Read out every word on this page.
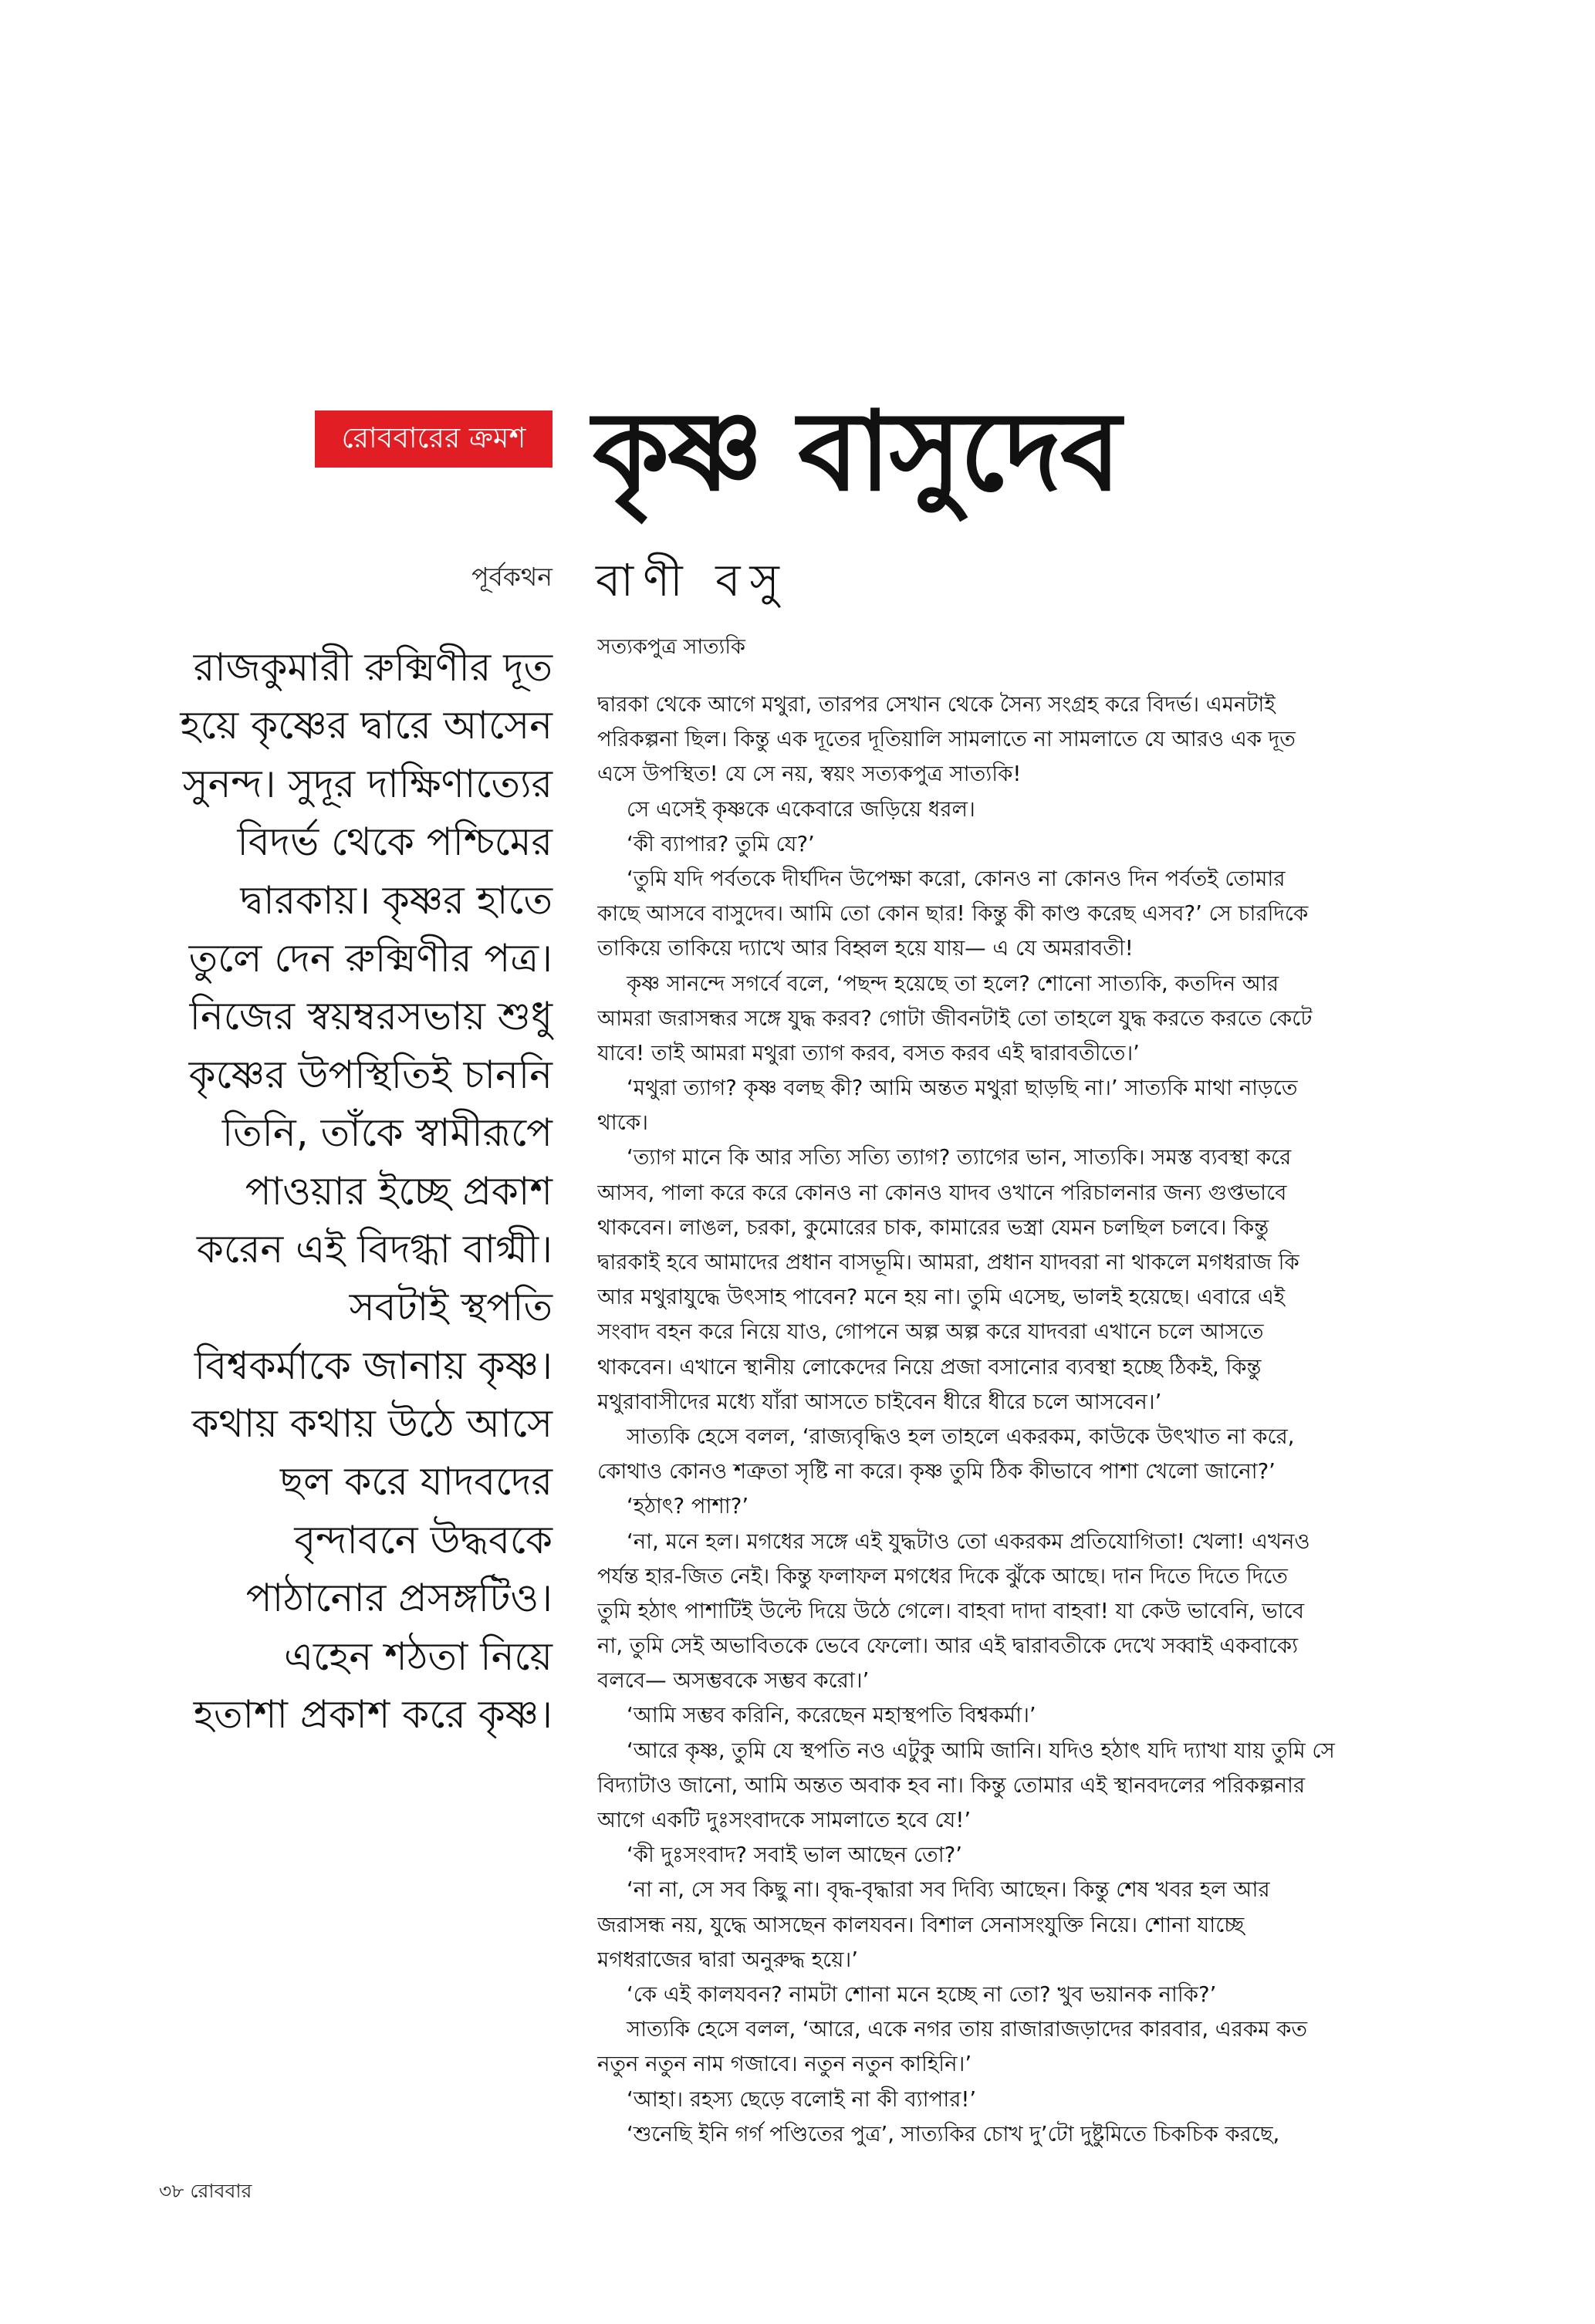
রোববারের ক্রমশ কৃষ্ণ বাসুদেব
পূর্বকথন বাণী বসু

রাজকুমারী রুক্মিণীর দূত
হয়ে কৃষ্ণের দ্বারে আসেন
সুনন্দ। সুদূর দাক্ষিণাত্যের
বিদর্ভ থেকে পশ্চিমের
দ্বারকায়। কৃষ্ণর হাতে
তুলে দেন রুক্মিণীর পত্র।
নিজের স্বয়ম্বরসভায় শুধু
কৃষ্ণের উপস্থিতিই চাননি
তিনি, তাঁকে স্বামীরূপে
পাওয়ার ইচ্ছে প্রকাশ
করেন এই বিদগ্ধা বাগ্মী।
সবটাই স্থপতি
বিশ্বকর্মাকে জানায় কৃষ্ণ।
কথায় কথায় উঠে আসে
ছল করে যাদবদের
বৃন্দাবনে উদ্ধবকে
পাঠানোর প্রসঙ্গটিও।
এহেন শঠতা নিয়ে
হতাশা প্রকাশ করে কৃষ্ণ।

সত্যকপুত্র সাত্যকি
দ্বারকা থেকে আগে মথুরা, তারপর সেখান থেকে সৈন্য সংগ্রহ করে বিদর্ভ। এমনটাই
পরিকল্পনা ছিল। কিন্তু এক দূতের দূতিয়ালি সামলাতে না সামলাতে যে আরও এক দূত
এসে উপস্থিত! যে সে নয়, স্বয়ং সত্যকপুত্র সাত্যকি!
সে এসেই কৃষ্ণকে একেবারে জড়িয়ে ধরল।
‘কী ব্যাপার? তুমি যে?’
‘তুমি যদি পর্বতকে দীর্ঘদিন উপেক্ষা করো, কোনও না কোনও দিন পর্বতই তোমার
কাছে আসবে বাসুদেব। আমি তো কোন ছার! কিন্তু কী কাণ্ড করেছ এসব?’ সে চারদিকে
তাকিয়ে তাকিয়ে দ্যাখে আর বিহ্বল হয়ে যায়— এ যে অমরাবতী!
কৃষ্ণ সানন্দে সগর্বে বলে, ‘পছন্দ হয়েছে তা হলে? শোনো সাত্যকি, কতদিন আর
আমরা জরাসন্ধর সঙ্গে যুদ্ধ করব? গোটা জীবনটাই তো তাহলে যুদ্ধ করতে করতে কেটে
যাবে! তাই আমরা মথুরা ত্যাগ করব, বসত করব এই দ্বারাবতীতে।’
‘মথুরা ত্যাগ? কৃষ্ণ বলছ কী? আমি অন্তত মথুরা ছাড়ছি না।’ সাত্যকি মাথা নাড়তে
থাকে।
‘ত্যাগ মানে কি আর সত্যি সত্যি ত্যাগ? ত্যাগের ভান, সাত্যকি। সমস্ত ব্যবস্থা করে
আসব, পালা করে করে কোনও না কোনও যাদব ওখানে পরিচালনার জন্য গুপ্তভাবে
থাকবেন। লাঙল, চরকা, কুমোরের চাক, কামারের ভস্ত্রা যেমন চলছিল চলবে। কিন্তু
দ্বারকাই হবে আমাদের প্রধান বাসভূমি। আমরা, প্রধান যাদবরা না থাকলে মগধরাজ কি
আর মথুরাযুদ্ধে উৎসাহ পাবেন? মনে হয় না। তুমি এসেছ, ভালই হয়েছে। এবারে এই
সংবাদ বহন করে নিয়ে যাও, গোপনে অল্প অল্প করে যাদবরা এখানে চলে আসতে
থাকবেন। এখানে স্থানীয় লোকেদের নিয়ে প্রজা বসানোর ব্যবস্থা হচ্ছে ঠিকই, কিন্তু
মথুরাবাসীদের মধ্যে যাঁরা আসতে চাইবেন ধীরে ধীরে চলে আসবেন।’
সাত্যকি হেসে বলল, ‘রাজ্যবৃদ্ধিও হল তাহলে একরকম, কাউকে উৎখাত না করে,
কোথাও কোনও শত্রুতা সৃষ্টি না করে। কৃষ্ণ তুমি ঠিক কীভাবে পাশা খেলো জানো?’
‘হঠাৎ? পাশা?’
‘না, মনে হল। মগধের সঙ্গে এই যুদ্ধটাও তো একরকম প্রতিযোগিতা! খেলা! এখনও
পর্যন্ত হার-জিত নেই। কিন্তু ফলাফল মগধের দিকে ঝুঁকে আছে। দান দিতে দিতে দিতে
তুমি হঠাৎ পাশাটিই উল্টে দিয়ে উঠে গেলে। বাহবা দাদা বাহবা! যা কেউ ভাবেনি, ভাবে
না, তুমি সেই অভাবিতকে ভেবে ফেলো। আর এই দ্বারাবতীকে দেখে সব্বাই একবাক্যে
বলবে— অসম্ভবকে সম্ভব করো।’
‘আমি সম্ভব করিনি, করেছেন মহাস্থপতি বিশ্বকর্মা।’
‘আরে কৃষ্ণ, তুমি যে স্থপতি নও এটুকু আমি জানি। যদিও হঠাৎ যদি দ্যাখা যায় তুমি সে
বিদ্যাটাও জানো, আমি অন্তত অবাক হব না। কিন্তু তোমার এই স্থানবদলের পরিকল্পনার
আগে একটি দুঃসংবাদকে সামলাতে হবে যে!’
‘কী দুঃসংবাদ? সবাই ভাল আছেন তো?’
‘না না, সে সব কিছু না। বৃদ্ধ-বৃদ্ধারা সব দিব্যি আছেন। কিন্তু শেষ খবর হল আর
জরাসন্ধ নয়, যুদ্ধে আসছেন কালযবন। বিশাল সেনাসংযুক্তি নিয়ে। শোনা যাচ্ছে
মগধরাজের দ্বারা অনুরুদ্ধ হয়ে।’
‘কে এই কালযবন? নামটা শোনা মনে হচ্ছে না তো? খুব ভয়ানক নাকি?’
সাত্যকি হেসে বলল, ‘আরে, একে নগর তায় রাজারাজড়াদের কারবার, এরকম কত
নতুন নতুন নাম গজাবে। নতুন নতুন কাহিনি।’
‘আহা। রহস্য ছেড়ে বলোই না কী ব্যাপার!’
‘শুনেছি ইনি গর্গ পণ্ডিতের পুত্র’, সাত্যকির চোখ দু’টো দুষ্টুমিতে চিকচিক করছে,
৩৮ রোববার
